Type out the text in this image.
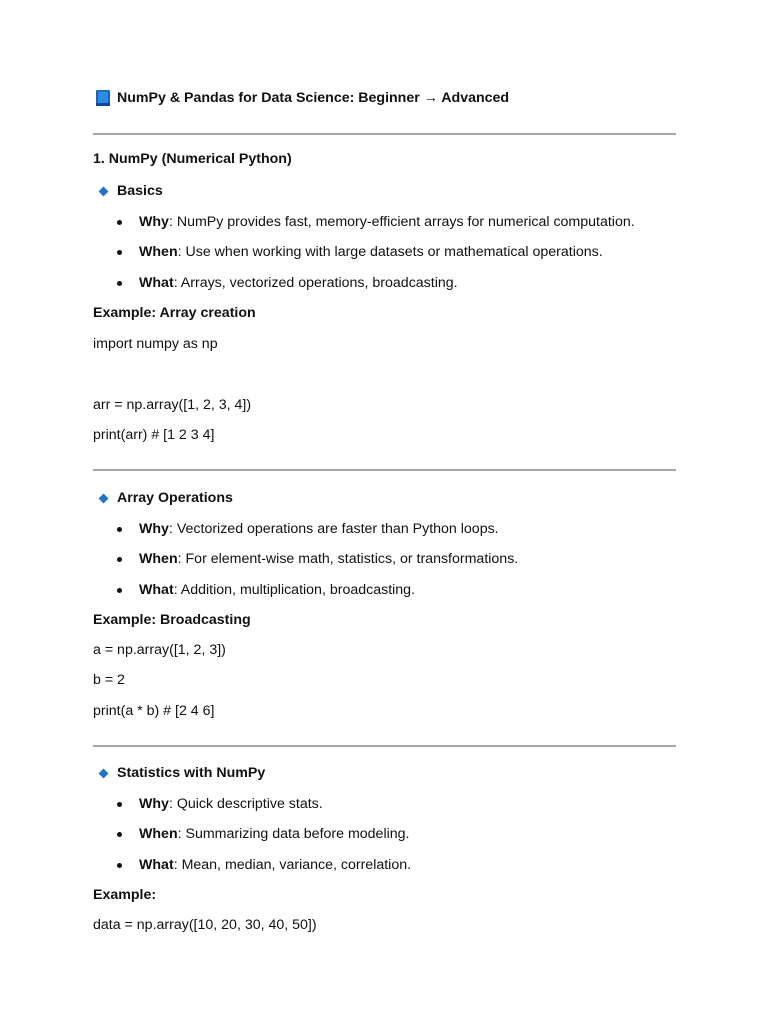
NumPy & Pandas for Data Science: Beginner → Advanced
1. NumPy (Numerical Python)
Basics
Why: NumPy provides fast, memory-efficient arrays for numerical computation.
When: Use when working with large datasets or mathematical operations.
What: Arrays, vectorized operations, broadcasting.
Example: Array creation
import numpy as np
arr = np.array([1, 2, 3, 4])
print(arr) # [1 2 3 4]
Array Operations
Why: Vectorized operations are faster than Python loops.
When: For element-wise math, statistics, or transformations.
What: Addition, multiplication, broadcasting.
Example: Broadcasting
a = np.array([1, 2, 3])
b = 2
print(a * b) # [2 4 6]
Statistics with NumPy
Why: Quick descriptive stats.
When: Summarizing data before modeling.
What: Mean, median, variance, correlation.
Example:
data = np.array([10, 20, 30, 40, 50])
